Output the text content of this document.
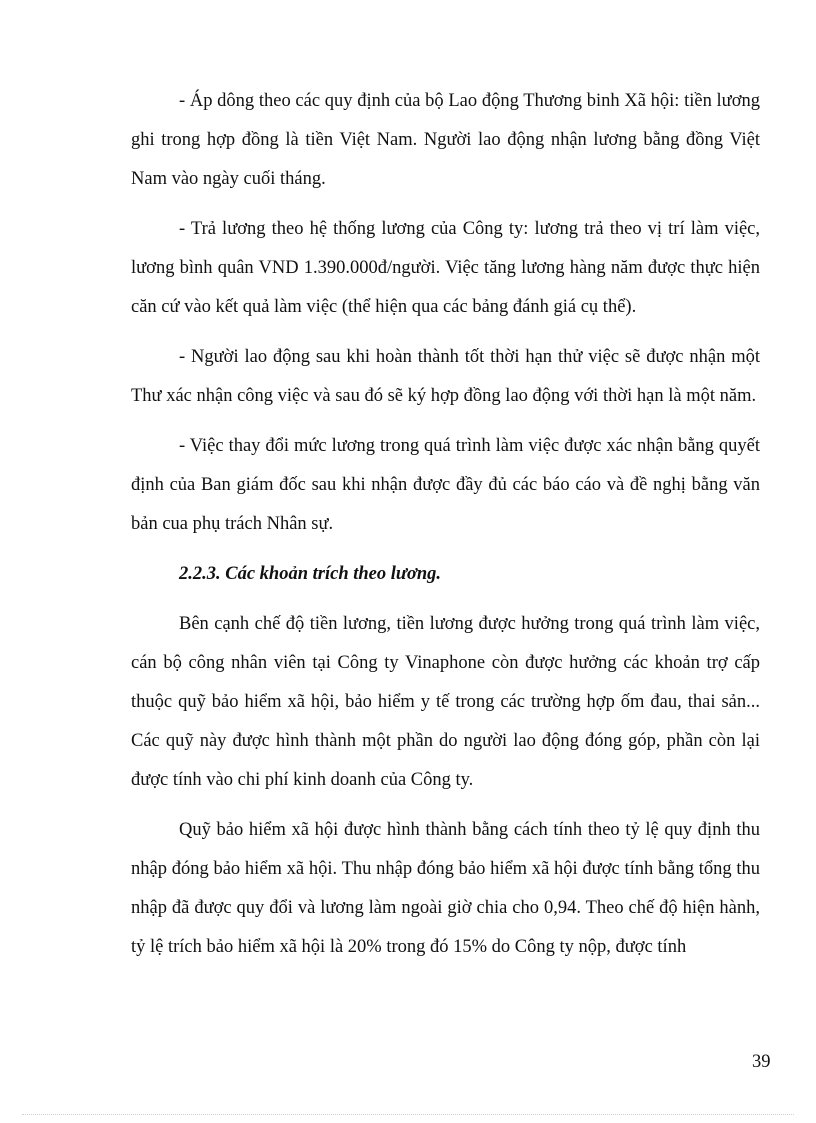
- Áp dông theo các quy định của bộ Lao động Thương binh Xã hội: tiền lương ghi trong hợp đồng là tiền Việt Nam. Người lao động nhận lương bằng đồng Việt Nam vào ngày cuối tháng.

- Trả lương theo hệ thống lương của Công ty: lương trả theo vị trí làm việc, lương bình quân VND 1.390.000đ/người. Việc tăng lương hàng năm được thực hiện căn cứ vào kết quả làm việc (thể hiện qua các bảng đánh giá cụ thể).

- Người lao động sau khi hoàn thành tốt thời hạn thử việc sẽ được nhận một Thư xác nhận công việc và sau đó sẽ ký hợp đồng lao động với thời hạn là một năm.

- Việc thay đổi mức lương trong quá trình làm việc được xác nhận bằng quyết định của Ban giám đốc sau khi nhận được đầy đủ các báo cáo và đề nghị bằng văn bản cua phụ trách Nhân sự.

2.2.3. Các khoản trích theo lương.

Bên cạnh chế độ tiền lương, tiền lương được hưởng trong quá trình làm việc, cán bộ công nhân viên tại Công ty Vinaphone còn được hưởng các khoản trợ cấp thuộc quỹ bảo hiểm xã hội, bảo hiểm y tế trong các trường hợp ốm đau, thai sản... Các quỹ này được hình thành một phần do người lao động đóng góp, phần còn lại được tính vào chi phí kinh doanh của Công ty.

Quỹ bảo hiểm xã hội được hình thành bằng cách tính theo tỷ lệ quy định thu nhập đóng bảo hiểm xã hội. Thu nhập đóng bảo hiểm xã hội được tính bằng tổng thu nhập đã được quy đổi và lương làm ngoài giờ chia cho 0,94. Theo chế độ hiện hành, tỷ lệ trích bảo hiểm xã hội là 20% trong đó 15% do Công ty nộp, được tính

39
